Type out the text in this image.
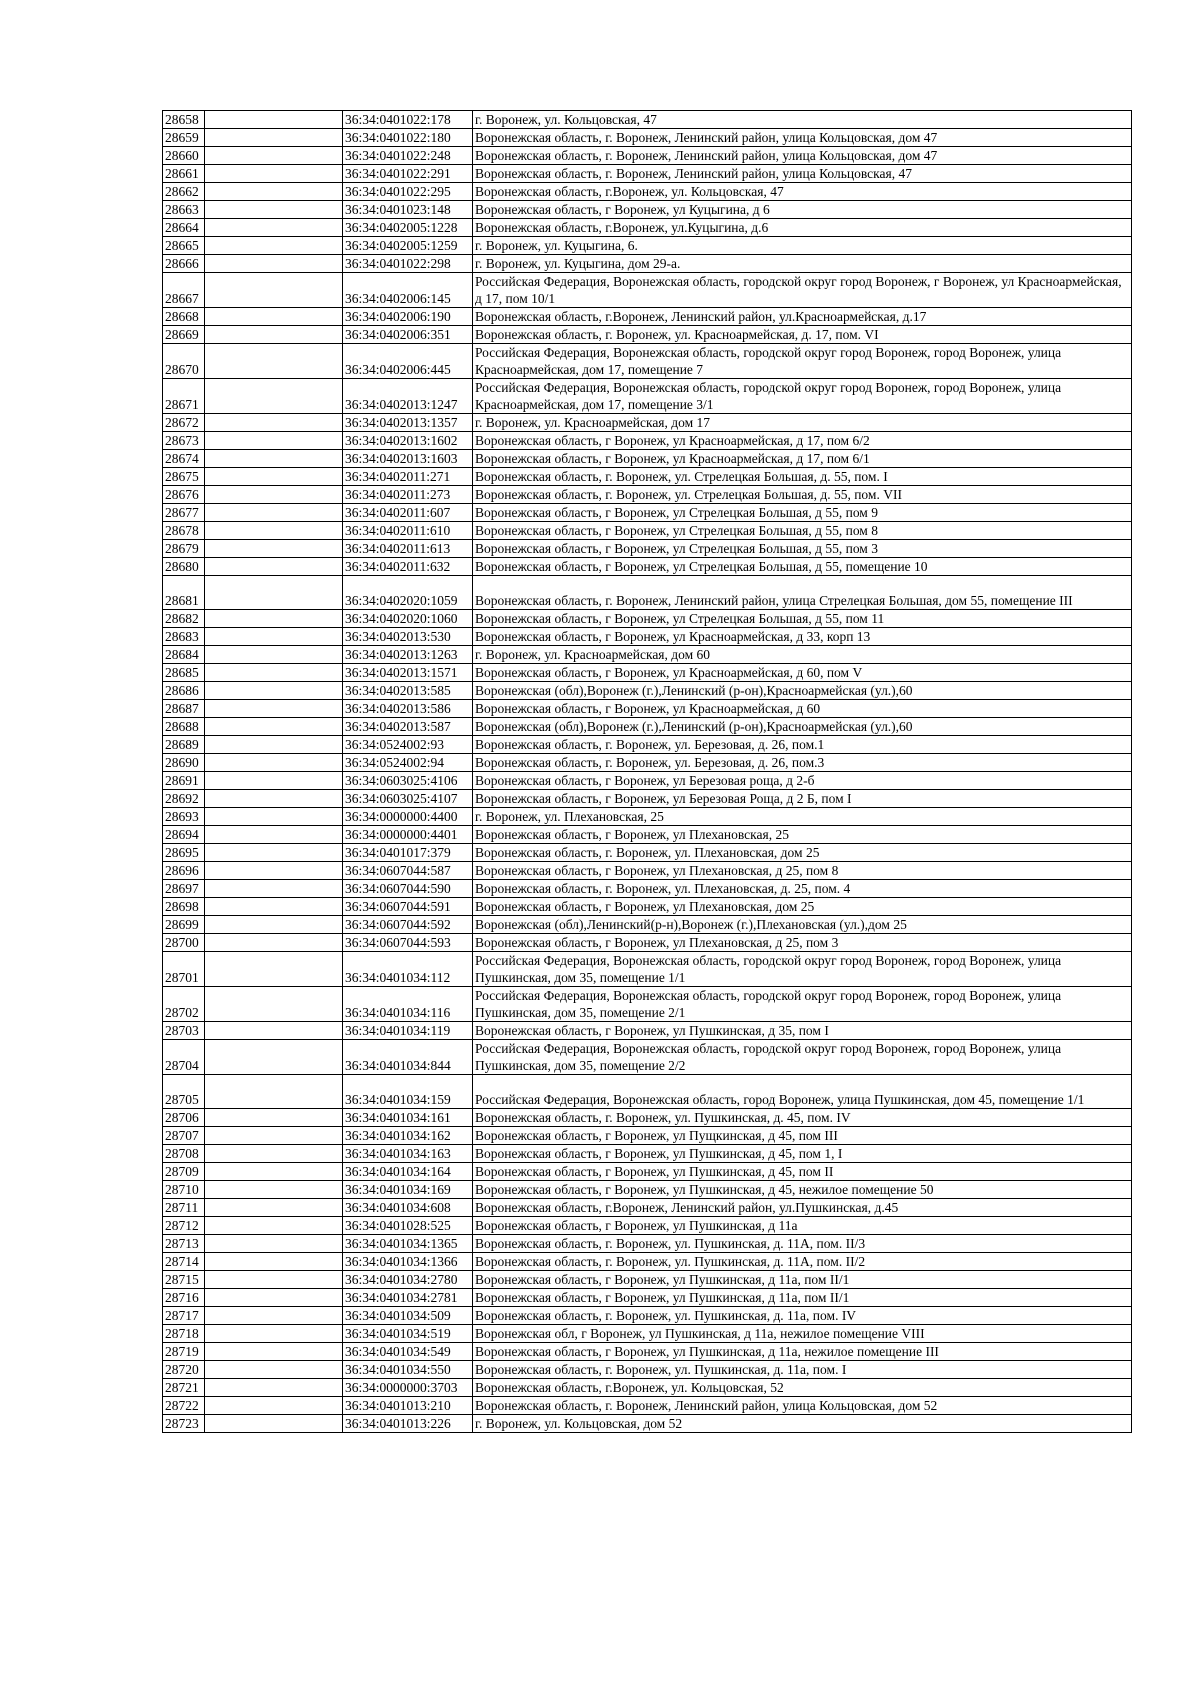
28658		36:34:0401022:178	г. Воронеж, ул. Кольцовская, 47
28659		36:34:0401022:180	Воронежская область, г. Воронеж, Ленинский район, улица Кольцовская, дом 47
28660		36:34:0401022:248	Воронежская область, г. Воронеж, Ленинский район, улица Кольцовская, дом 47
28661		36:34:0401022:291	Воронежская область, г. Воронеж, Ленинский район, улица Кольцовская, 47
28662		36:34:0401022:295	Воронежская область, г.Воронеж, ул. Кольцовская, 47
28663		36:34:0401023:148	Воронежская область, г Воронеж, ул Куцыгина, д 6
28664		36:34:0402005:1228	Воронежская область, г.Воронеж, ул.Куцыгина, д.6
28665		36:34:0402005:1259	г. Воронеж, ул. Куцыгина, 6.
28666		36:34:0401022:298	г. Воронеж, ул. Куцыгина, дом 29-а.
28667		36:34:0402006:145	Российская Федерация, Воронежская область, городской округ город Воронеж, г Воронеж, ул Красноармейская, д 17, пом 10/1
28668		36:34:0402006:190	Воронежская область, г.Воронеж, Ленинский район, ул.Красноармейская, д.17
28669		36:34:0402006:351	Воронежская область, г. Воронеж, ул. Красноармейская, д. 17, пом. VI
28670		36:34:0402006:445	Российская Федерация, Воронежская область, городской округ город Воронеж, город Воронеж, улица Красноармейская, дом 17, помещение 7
28671		36:34:0402013:1247	Российская Федерация, Воронежская область, городской округ город Воронеж, город Воронеж, улица Красноармейская, дом 17, помещение 3/1
28672		36:34:0402013:1357	г. Воронеж, ул. Красноармейская, дом 17
28673		36:34:0402013:1602	Воронежская область, г Воронеж, ул Красноармейская, д 17, пом 6/2
28674		36:34:0402013:1603	Воронежская область, г Воронеж, ул Красноармейская, д 17, пом 6/1
28675		36:34:0402011:271	Воронежская область, г. Воронеж, ул. Стрелецкая Большая, д. 55, пом. I
28676		36:34:0402011:273	Воронежская область, г. Воронеж, ул. Стрелецкая Большая, д. 55, пом. VII
28677		36:34:0402011:607	Воронежская область, г Воронеж, ул Стрелецкая Большая, д 55, пом 9
28678		36:34:0402011:610	Воронежская область, г Воронеж, ул Стрелецкая Большая, д 55, пом 8
28679		36:34:0402011:613	Воронежская область, г Воронеж, ул Стрелецкая Большая, д 55, пом 3
28680		36:34:0402011:632	Воронежская область, г Воронеж, ул Стрелецкая Большая, д 55, помещение 10
28681		36:34:0402020:1059	Воронежская область, г. Воронеж, Ленинский район, улица Стрелецкая Большая, дом 55, помещение III
28682		36:34:0402020:1060	Воронежская область, г Воронеж, ул Стрелецкая Большая, д 55, пом 11
28683		36:34:0402013:530	Воронежская область, г Воронеж, ул Красноармейская, д 33, корп 13
28684		36:34:0402013:1263	г. Воронеж, ул. Красноармейская, дом 60
28685		36:34:0402013:1571	Воронежская область, г Воронеж, ул Красноармейская, д 60, пом V
28686		36:34:0402013:585	Воронежская (обл),Воронеж (г.),Ленинский (р-он),Красноармейская (ул.),60
28687		36:34:0402013:586	Воронежская область, г Воронеж, ул Красноармейская, д 60
28688		36:34:0402013:587	Воронежская (обл),Воронеж (г.),Ленинский (р-он),Красноармейская (ул.),60
28689		36:34:0524002:93	Воронежская область, г. Воронеж, ул. Березовая, д. 26, пом.1
28690		36:34:0524002:94	Воронежская область, г. Воронеж, ул. Березовая, д. 26, пом.3
28691		36:34:0603025:4106	Воронежская область, г Воронеж, ул Березовая роща, д 2-б
28692		36:34:0603025:4107	Воронежская область, г Воронеж, ул Березовая Роща, д 2 Б, пом I
28693		36:34:0000000:4400	г. Воронеж, ул. Плехановская, 25
28694		36:34:0000000:4401	Воронежская область, г Воронеж, ул Плехановская, 25
28695		36:34:0401017:379	Воронежская область, г. Воронеж, ул. Плехановская, дом 25
28696		36:34:0607044:587	Воронежская область, г Воронеж, ул Плехановская, д 25, пом 8
28697		36:34:0607044:590	Воронежская область, г. Воронеж, ул. Плехановская, д. 25, пом. 4
28698		36:34:0607044:591	Воронежская область, г Воронеж, ул Плехановская, дом 25
28699		36:34:0607044:592	Воронежская (обл),Ленинский(р-н),Воронеж (г.),Плехановская (ул.),дом 25
28700		36:34:0607044:593	Воронежская область, г Воронеж, ул Плехановская, д 25, пом 3
28701		36:34:0401034:112	Российская Федерация, Воронежская область, городской округ город Воронеж, город Воронеж, улица Пушкинская, дом 35, помещение 1/1
28702		36:34:0401034:116	Российская Федерация, Воронежская область, городской округ город Воронеж, город Воронеж, улица Пушкинская, дом 35, помещение 2/1
28703		36:34:0401034:119	Воронежская область, г Воронеж, ул Пушкинская, д 35, пом I
28704		36:34:0401034:844	Российская Федерация, Воронежская область, городской округ город Воронеж, город Воронеж, улица Пушкинская, дом 35, помещение 2/2
28705		36:34:0401034:159	Российская Федерация, Воронежская область, город Воронеж, улица Пушкинская, дом 45, помещение 1/1
28706		36:34:0401034:161	Воронежская область, г. Воронеж, ул. Пушкинская, д. 45, пом. IV
28707		36:34:0401034:162	Воронежская область, г Воронеж, ул Пущкинская, д 45, пом III
28708		36:34:0401034:163	Воронежская область, г Воронеж, ул Пушкинская, д 45, пом 1, I
28709		36:34:0401034:164	Воронежская область, г Воронеж, ул Пушкинская, д 45, пом II
28710		36:34:0401034:169	Воронежская область, г Воронеж, ул Пушкинская, д 45, нежилое помещение 50
28711		36:34:0401034:608	Воронежская область, г.Воронеж, Ленинский район, ул.Пушкинская, д.45
28712		36:34:0401028:525	Воронежская область, г Воронеж, ул Пушкинская, д 11а
28713		36:34:0401034:1365	Воронежская область, г. Воронеж, ул. Пушкинская, д. 11А, пом. II/3
28714		36:34:0401034:1366	Воронежская область, г. Воронеж, ул. Пушкинская, д. 11А, пом. II/2
28715		36:34:0401034:2780	Воронежская область, г Воронеж, ул Пушкинская, д 11а, пом II/1
28716		36:34:0401034:2781	Воронежская область, г Воронеж, ул Пушкинская, д 11а, пом II/1
28717		36:34:0401034:509	Воронежская область, г. Воронеж, ул. Пушкинская, д. 11а, пом. IV
28718		36:34:0401034:519	Воронежская обл, г Воронеж, ул Пушкинская, д 11а, нежилое помещение VIII
28719		36:34:0401034:549	Воронежская область, г Воронеж, ул Пушкинская, д 11а, нежилое помещение III
28720		36:34:0401034:550	Воронежская область, г. Воронеж, ул. Пушкинская, д. 11а, пом. I
28721		36:34:0000000:3703	Воронежская область, г.Воронеж, ул. Кольцовская, 52
28722		36:34:0401013:210	Воронежская область, г. Воронеж, Ленинский район, улица Кольцовская, дом 52
28723		36:34:0401013:226	г. Воронеж, ул. Кольцовская, дом 52
